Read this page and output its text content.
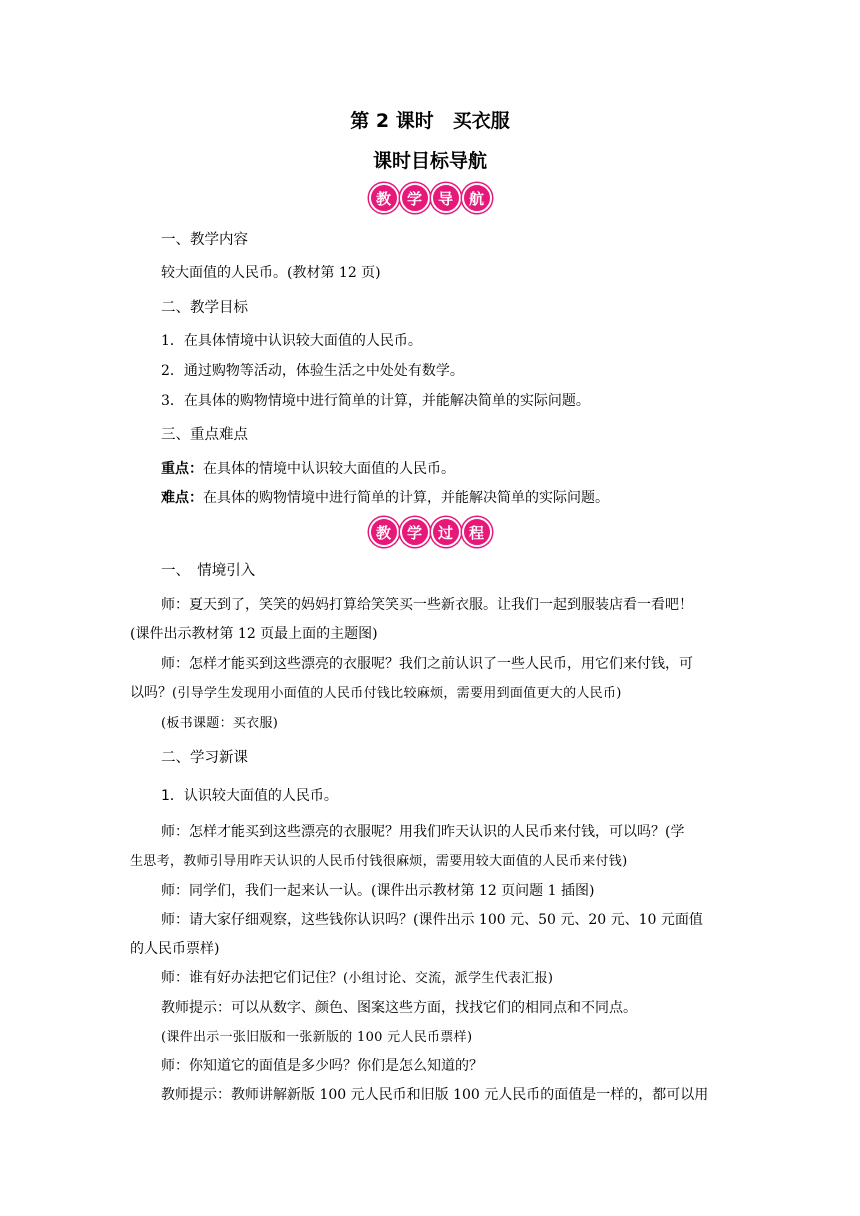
第 2 课时　买衣服
课时目标导航
教	学	导	航
一、教学内容
较大面值的人民币。(教材第 12 页)
二、教学目标
1．在具体情境中认识较大面值的人民币。
2．通过购物等活动，体验生活之中处处有数学。
3．在具体的购物情境中进行简单的计算，并能解决简单的实际问题。
三、重点难点
重点：在具体的情境中认识较大面值的人民币。
难点：在具体的购物情境中进行简单的计算，并能解决简单的实际问题。
教	学	过	程
一、　情境引入
师：夏天到了，笑笑的妈妈打算给笑笑买一些新衣服。让我们一起到服装店看一看吧！
(课件出示教材第 12 页最上面的主题图)
师：怎样才能买到这些漂亮的衣服呢？我们之前认识了一些人民币，用它们来付钱，可
以吗？(引导学生发现用小面值的人民币付钱比较麻烦，需要用到面值更大的人民币)
(板书课题：买衣服)
二、学习新课
1．认识较大面值的人民币。
师：怎样才能买到这些漂亮的衣服呢？用我们昨天认识的人民币来付钱，可以吗？(学
生思考，教师引导用昨天认识的人民币付钱很麻烦，需要用较大面值的人民币来付钱)
师：同学们，我们一起来认一认。(课件出示教材第 12 页问题 1 插图)
师：请大家仔细观察，这些钱你认识吗？(课件出示 100 元、50 元、20 元、10 元面值
的人民币票样)
师：谁有好办法把它们记住？(小组讨论、交流，派学生代表汇报)
教师提示：可以从数字、颜色、图案这些方面，找找它们的相同点和不同点。
(课件出示一张旧版和一张新版的 100 元人民币票样)
师：你知道它的面值是多少吗？你们是怎么知道的？
教师提示：教师讲解新版 100 元人民币和旧版 100 元人民币的面值是一样的，都可以用
